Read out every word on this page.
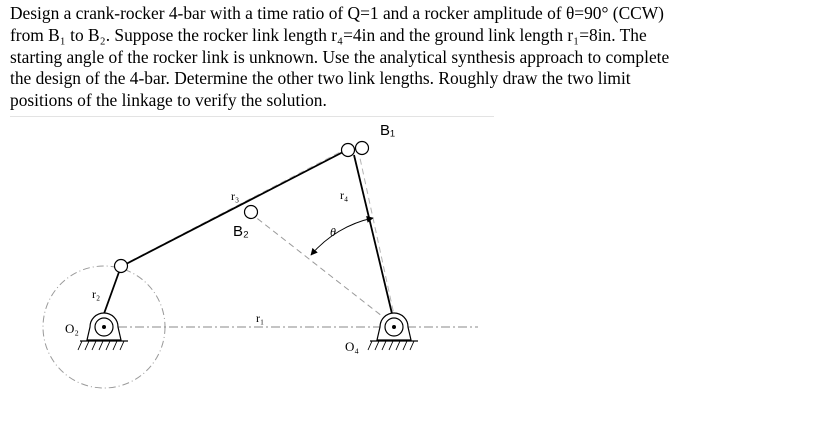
Design a crank-rocker 4-bar with a time ratio of Q=1 and a rocker amplitude of θ=90° (CCW)

from B₁ to B₂. Suppose the rocker link length r₄=4in and the ground link length r₁=8in. The

starting angle of the rocker link is unknown. Use the analytical synthesis approach to complete

the design of the 4-bar. Determine the other two link lengths. Roughly draw the two limit

positions of the linkage to verify the solution.

B₁
B₂
r₃	r₄
θ
r₂
r₁
O₂
O₄
